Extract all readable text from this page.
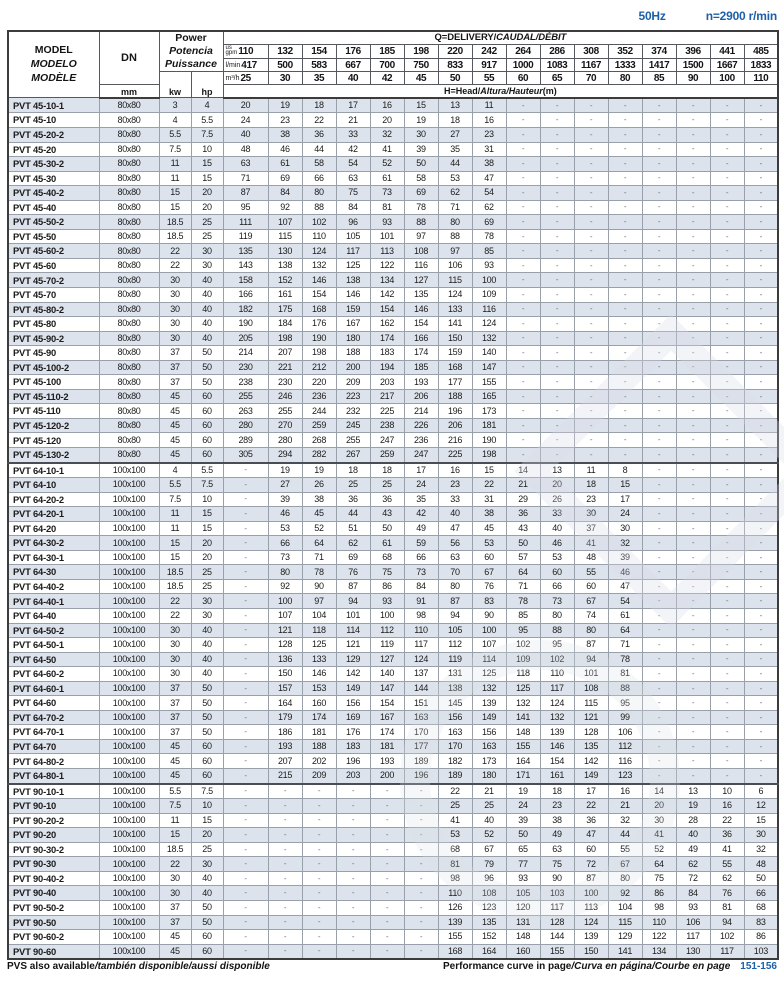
50Hz	n=2900 r/min
MODEL
MODELO
MODÈLE
	DN	
Power
Potencia
Puissance
	Q=DELIVERY/CAUDAL/DÉBIT

				us
gpm 110	132	154	176	185	198	220	242	264	286	308	352	374	396	441	485

				l/min 417	500	583	667	700	750	833	917	1000	1083	1167	1333	1417	1500	1667	1833
		kw	hp	m³/h 25	30	35	40	42	45	50	55	60	65	70	80	85	90	100	110
	mm			H=Head/Altura/Hauteur(m)															
PVT 45-10-1	80x80	3	4	20	19	18	17	16	15	13	11	-	-	-	-	-	-	-	-
PVT 45-10	80x80	4	5.5	24	23	22	21	20	19	18	16	-	-	-	-	-	-	-	-
PVT 45-20-2	80x80	5.5	7.5	40	38	36	33	32	30	27	23	-	-	-	-	-	-	-	-
PVT 45-20	80x80	7.5	10	48	46	44	42	41	39	35	31	-	-	-	-	-	-	-	-
PVT 45-30-2	80x80	11	15	63	61	58	54	52	50	44	38	-	-	-	-	-	-	-	-
PVT 45-30	80x80	11	15	71	69	66	63	61	58	53	47	-	-	-	-	-	-	-	-
PVT 45-40-2	80x80	15	20	87	84	80	75	73	69	62	54	-	-	-	-	-	-	-	-
PVT 45-40	80x80	15	20	95	92	88	84	81	78	71	62	-	-	-	-	-	-	-	-
PVT 45-50-2	80x80	18.5	25	111	107	102	96	93	88	80	69	-	-	-	-	-	-	-	-
PVT 45-50	80x80	18.5	25	119	115	110	105	101	97	88	78	-	-	-	-	-	-	-	-
PVT 45-60-2	80x80	22	30	135	130	124	117	113	108	97	85	-	-	-	-	-	-	-	-
PVT 45-60	80x80	22	30	143	138	132	125	122	116	106	93	-	-	-	-	-	-	-	-
PVT 45-70-2	80x80	30	40	158	152	146	138	134	127	115	100	-	-	-	-	-	-	-	-
PVT 45-70	80x80	30	40	166	161	154	146	142	135	124	109	-	-	-	-	-	-	-	-
PVT 45-80-2	80x80	30	40	182	175	168	159	154	146	133	116	-	-	-	-	-	-	-	-
PVT 45-80	80x80	30	40	190	184	176	167	162	154	141	124	-	-	-	-	-	-	-	-
PVT 45-90-2	80x80	30	40	205	198	190	180	174	166	150	132	-	-	-	-	-	-	-	-
PVT 45-90	80x80	37	50	214	207	198	188	183	174	159	140	-	-	-	-	-	-	-	-
PVT 45-100-2	80x80	37	50	230	221	212	200	194	185	168	147	-	-	-	-	-	-	-	-
PVT 45-100	80x80	37	50	238	230	220	209	203	193	177	155	-	-	-	-	-	-	-	-
PVT 45-110-2	80x80	45	60	255	246	236	223	217	206	188	165	-	-	-	-	-	-	-	-
PVT 45-110	80x80	45	60	263	255	244	232	225	214	196	173	-	-	-	-	-	-	-	-
PVT 45-120-2	80x80	45	60	280	270	259	245	238	226	206	181	-	-	-	-	-	-	-	-
PVT 45-120	80x80	45	60	289	280	268	255	247	236	216	190	-	-	-	-	-	-	-	-
PVT 45-130-2	80x80	45	60	305	294	282	267	259	247	225	198	-	-	-	-	-	-	-	-
PVT 64-10-1	100x100	4	5.5	-	19	19	18	18	17	16	15	14	13	11	8	-	-	-	-
PVT 64-10	100x100	5.5	7.5	-	27	26	25	25	24	23	22	21	20	18	15	-	-	-	-
PVT 64-20-2	100x100	7.5	10	-	39	38	36	36	35	33	31	29	26	23	17	-	-	-	-
PVT 64-20-1	100x100	11	15	-	46	45	44	43	42	40	38	36	33	30	24	-	-	-	-
PVT 64-20	100x100	11	15	-	53	52	51	50	49	47	45	43	40	37	30	-	-	-	-
PVT 64-30-2	100x100	15	20	-	66	64	62	61	59	56	53	50	46	41	32	-	-	-	-
PVT 64-30-1	100x100	15	20	-	73	71	69	68	66	63	60	57	53	48	39	-	-	-	-
PVT 64-30	100x100	18.5	25	-	80	78	76	75	73	70	67	64	60	55	46	-	-	-	-
PVT 64-40-2	100x100	18.5	25	-	92	90	87	86	84	80	76	71	66	60	47	-	-	-	-
PVT 64-40-1	100x100	22	30	-	100	97	94	93	91	87	83	78	73	67	54	-	-	-	-
PVT 64-40	100x100	22	30	-	107	104	101	100	98	94	90	85	80	74	61	-	-	-	-
PVT 64-50-2	100x100	30	40	-	121	118	114	112	110	105	100	95	88	80	64	-	-	-	-
PVT 64-50-1	100x100	30	40	-	128	125	121	119	117	112	107	102	95	87	71	-	-	-	-
PVT 64-50	100x100	30	40	-	136	133	129	127	124	119	114	109	102	94	78	-	-	-	-
PVT 64-60-2	100x100	30	40	-	150	146	142	140	137	131	125	118	110	101	81	-	-	-	-
PVT 64-60-1	100x100	37	50	-	157	153	149	147	144	138	132	125	117	108	88	-	-	-	-
PVT 64-60	100x100	37	50	-	164	160	156	154	151	145	139	132	124	115	95	-	-	-	-
PVT 64-70-2	100x100	37	50	-	179	174	169	167	163	156	149	141	132	121	99	-	-	-	-
PVT 64-70-1	100x100	37	50	-	186	181	176	174	170	163	156	148	139	128	106	-	-	-	-
PVT 64-70	100x100	45	60	-	193	188	183	181	177	170	163	155	146	135	112	-	-	-	-
PVT 64-80-2	100x100	45	60	-	207	202	196	193	189	182	173	164	154	142	116	-	-	-	-
PVT 64-80-1	100x100	45	60	-	215	209	203	200	196	189	180	171	161	149	123	-	-	-	-
PVT 90-10-1	100x100	5.5	7.5	-	-	-	-	-	-	22	21	19	18	17	16	14	13	10	6
PVT 90-10	100x100	7.5	10	-	-	-	-	-	-	25	25	24	23	22	21	20	19	16	12
PVT 90-20-2	100x100	11	15	-	-	-	-	-	-	41	40	39	38	36	32	30	28	22	15
PVT 90-20	100x100	15	20	-	-	-	-	-	-	53	52	50	49	47	44	41	40	36	30
PVT 90-30-2	100x100	18.5	25	-	-	-	-	-	-	68	67	65	63	60	55	52	49	41	32
PVT 90-30	100x100	22	30	-	-	-	-	-	-	81	79	77	75	72	67	64	62	55	48
PVT 90-40-2	100x100	30	40	-	-	-	-	-	-	98	96	93	90	87	80	75	72	62	50
PVT 90-40	100x100	30	40	-	-	-	-	-	-	110	108	105	103	100	92	86	84	76	66
PVT 90-50-2	100x100	37	50	-	-	-	-	-	-	126	123	120	117	113	104	98	93	81	68
PVT 90-50	100x100	37	50	-	-	-	-	-	-	139	135	131	128	124	115	110	106	94	83
PVT 90-60-2	100x100	45	60	-	-	-	-	-	-	155	152	148	144	139	129	122	117	102	86
PVT 90-60	100x100	45	60	-	-	-	-	-	-	168	164	160	155	150	141	134	130	117	103
PVS also available/también disponible/aussi disponible	Performance curve in page/Curva en página/Courbe en page 151-156
